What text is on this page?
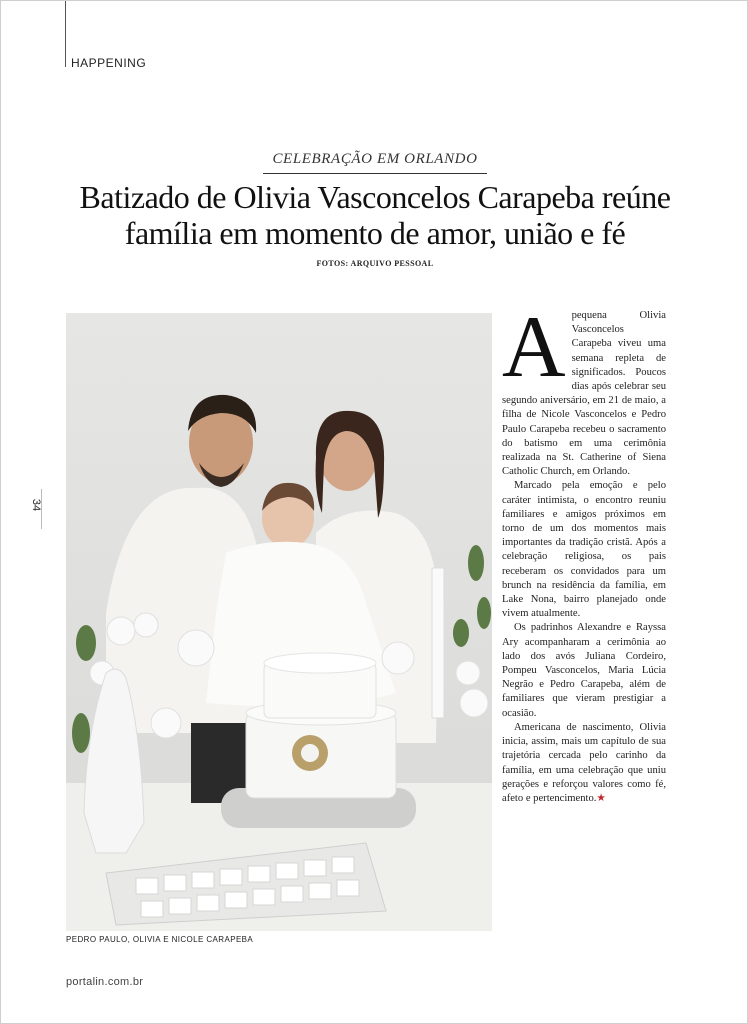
HAPPENING
34
CELEBRAÇÃO EM ORLANDO
Batizado de Olivia Vasconcelos Carapeba reúne família em momento de amor, união e fé
FOTOS: ARQUIVO PESSOAL
PEDRO PAULO, OLIVIA E NICOLE CARAPEBA

Apequena Olivia Vasconcelos Carapeba viveu uma semana repleta de significados. Poucos dias após celebrar seu segundo aniversário, em 21 de maio, a filha de Nicole Vasconcelos e Pedro Paulo Carapeba recebeu o sacramento do batismo em uma cerimônia realizada na St. Catherine of Siena Catholic Church, em Orlando.

Marcado pela emoção e pelo caráter intimista, o encontro reuniu familiares e amigos próximos em torno de um dos momentos mais importantes da tradição cristã. Após a celebração religiosa, os pais receberam os convidados para um brunch na residência da família, em Lake Nona, bairro planejado onde vivem atualmente.

Os padrinhos Alexandre e Rayssa Ary acompanharam a cerimônia ao lado dos avós Juliana Cordeiro, Pompeu Vasconcelos, Maria Lúcia Negrão e Pedro Carapeba, além de familiares que vieram prestigiar a ocasião.

Americana de nascimento, Olivia inicia, assim, mais um capítulo de sua trajetória cercada pelo carinho da família, em uma celebração que uniu gerações e reforçou valores como fé, afeto e pertencimento.★

portalin.com.br
